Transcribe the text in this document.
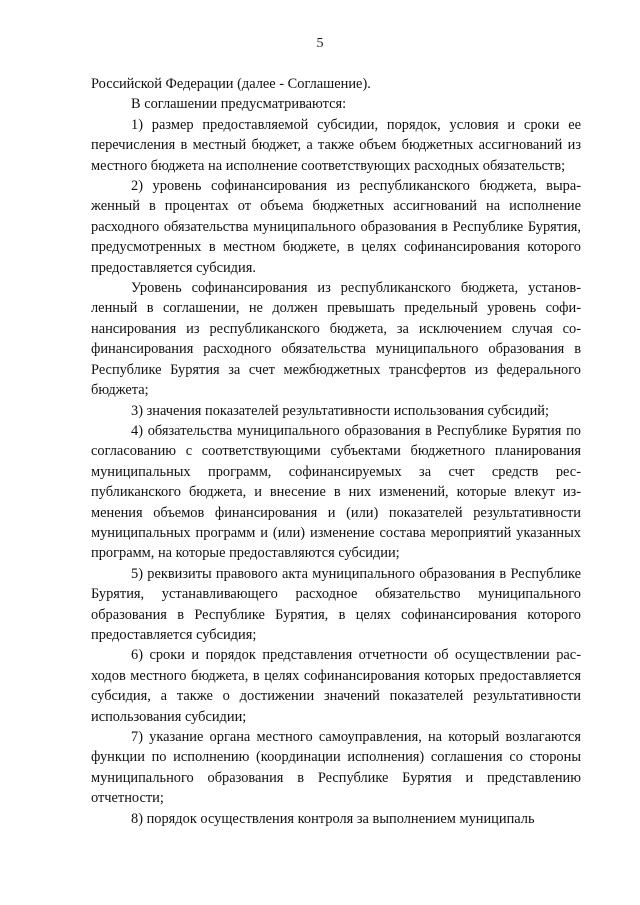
5

Российской Федерации (далее - Соглашение).

В соглашении предусматриваются:

1) размер предоставляемой субсидии, порядок, условия и сроки ее перечисления в местный бюджет, а также объем бюджетных ассигнований из местного бюджета на исполнение соответствующих расходных обязательств;

2) уровень софинансирования из республиканского бюджета, выраженный в процентах от объема бюджетных ассигнований на исполнение расходного обязательства муниципального образования в Республике Бурятия, предусмотренных в местном бюджете, в целях софинансирования которого предоставляется субсидия.

Уровень софинансирования из республиканского бюджета, установленный в соглашении, не должен превышать предельный уровень софинансирования из республиканского бюджета, за исключением случая софинансирования расходного обязательства муниципального образования в Республике Бурятия за счет межбюджетных трансфертов из федерального бюджета;

3) значения показателей результативности использования субсидий;

4) обязательства муниципального образования в Республике Бурятия по согласованию с соответствующими субъектами бюджетного планирования муниципальных программ, софинансируемых за счет средств республиканского бюджета, и внесение в них изменений, которые влекут изменения объемов финансирования и (или) показателей результативности муниципальных программ и (или) изменение состава мероприятий указанных программ, на которые предоставляются субсидии;

5) реквизиты правового акта муниципального образования в Республике Бурятия, устанавливающего расходное обязательство муниципального образования в Республике Бурятия, в целях софинансирования которого предоставляется субсидия;

6) сроки и порядок представления отчетности об осуществлении расходов местного бюджета, в целях софинансирования которых предоставляется субсидия, а также о достижении значений показателей результативности использования субсидии;

7) указание органа местного самоуправления, на который возлагаются функции по исполнению (координации исполнения) соглашения со стороны муниципального образования в Республике Бурятия и представлению отчетности;

8) порядок осуществления контроля за выполнением муниципаль
